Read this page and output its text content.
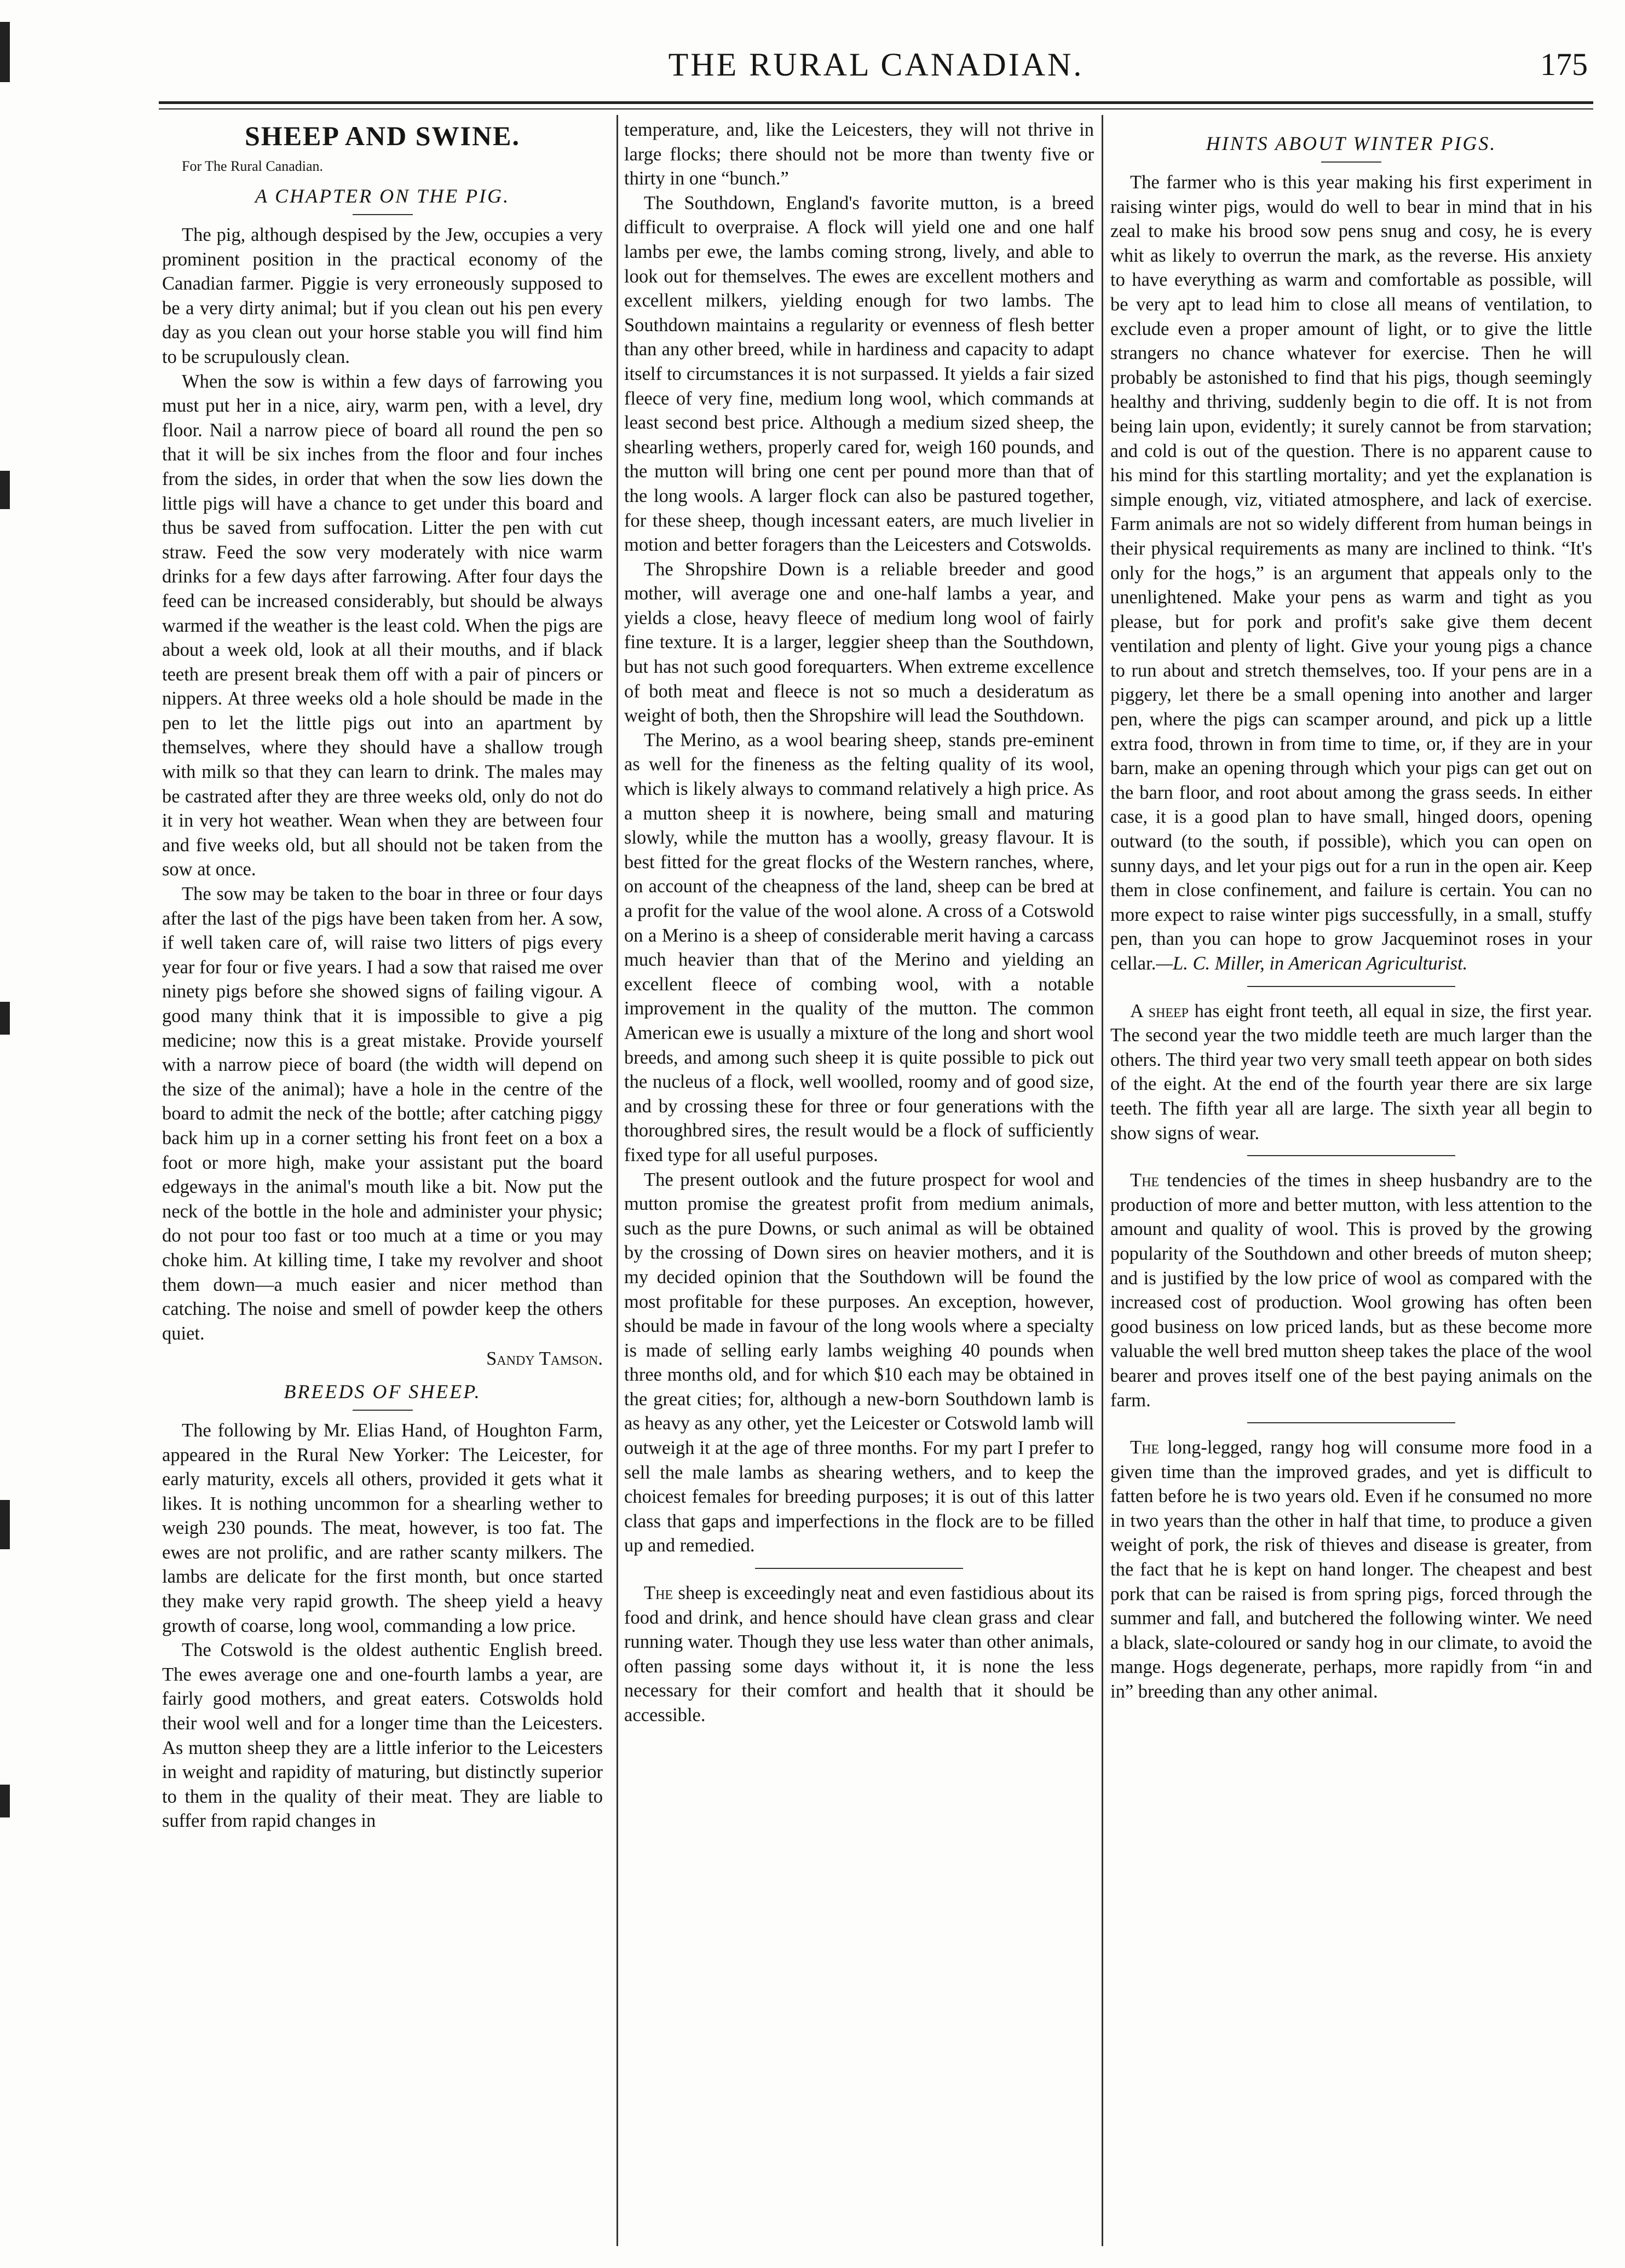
THE RURAL CANADIAN.	175
SHEEP AND SWINE.

For The Rural Canadian.

A CHAPTER ON THE PIG.

The pig, although despised by the Jew, occupies a very prominent position in the practical economy of the Canadian farmer. Piggie is very erroneously supposed to be a very dirty animal; but if you clean out his pen every day as you clean out your horse stable you will find him to be scrupulously clean.

When the sow is within a few days of farrowing you must put her in a nice, airy, warm pen, with a level, dry floor. Nail a narrow piece of board all round the pen so that it will be six inches from the floor and four inches from the sides, in order that when the sow lies down the little pigs will have a chance to get under this board and thus be saved from suffocation. Litter the pen with cut straw. Feed the sow very moderately with nice warm drinks for a few days after farrowing. After four days the feed can be increased considerably, but should be always warmed if the weather is the least cold. When the pigs are about a week old, look at all their mouths, and if black teeth are present break them off with a pair of pincers or nippers. At three weeks old a hole should be made in the pen to let the little pigs out into an apartment by themselves, where they should have a shallow trough with milk so that they can learn to drink. The males may be castrated after they are three weeks old, only do not do it in very hot weather. Wean when they are between four and five weeks old, but all should not be taken from the sow at once.

The sow may be taken to the boar in three or four days after the last of the pigs have been taken from her. A sow, if well taken care of, will raise two litters of pigs every year for four or five years. I had a sow that raised me over ninety pigs before she showed signs of failing vigour. A good many think that it is impossible to give a pig medicine; now this is a great mistake. Provide yourself with a narrow piece of board (the width will depend on the size of the animal); have a hole in the centre of the board to admit the neck of the bottle; after catching piggy back him up in a corner setting his front feet on a box a foot or more high, make your assistant put the board edgeways in the animal's mouth like a bit. Now put the neck of the bottle in the hole and administer your physic; do not pour too fast or too much at a time or you may choke him. At killing time, I take my revolver and shoot them down—a much easier and nicer method than catching. The noise and smell of powder keep the others quiet.

Sandy Tamson.

BREEDS OF SHEEP.

The following by Mr. Elias Hand, of Houghton Farm, appeared in the Rural New Yorker: The Leicester, for early maturity, excels all others, provided it gets what it likes. It is nothing uncommon for a shearling wether to weigh 230 pounds. The meat, however, is too fat. The ewes are not prolific, and are rather scanty milkers. The lambs are delicate for the first month, but once started they make very rapid growth. The sheep yield a heavy growth of coarse, long wool, commanding a low price.

The Cotswold is the oldest authentic English breed. The ewes average one and one-fourth lambs a year, are fairly good mothers, and great eaters. Cotswolds hold their wool well and for a longer time than the Leicesters. As mutton sheep they are a little inferior to the Leicesters in weight and rapidity of maturing, but distinctly superior to them in the quality of their meat. They are liable to suffer from rapid changes in

temperature, and, like the Leicesters, they will not thrive in large flocks; there should not be more than twenty five or thirty in one “bunch.”

The Southdown, England's favorite mutton, is a breed difficult to overpraise. A flock will yield one and one half lambs per ewe, the lambs coming strong, lively, and able to look out for themselves. The ewes are excellent mothers and excellent milkers, yielding enough for two lambs. The Southdown maintains a regularity or evenness of flesh better than any other breed, while in hardiness and capacity to adapt itself to circumstances it is not surpassed. It yields a fair sized fleece of very fine, medium long wool, which commands at least second best price. Although a medium sized sheep, the shearling wethers, properly cared for, weigh 160 pounds, and the mutton will bring one cent per pound more than that of the long wools. A larger flock can also be pastured together, for these sheep, though incessant eaters, are much livelier in motion and better foragers than the Leicesters and Cotswolds.

The Shropshire Down is a reliable breeder and good mother, will average one and one-half lambs a year, and yields a close, heavy fleece of medium long wool of fairly fine texture. It is a larger, leggier sheep than the Southdown, but has not such good forequarters. When extreme excellence of both meat and fleece is not so much a desideratum as weight of both, then the Shropshire will lead the Southdown.

The Merino, as a wool bearing sheep, stands pre-eminent as well for the fineness as the felting quality of its wool, which is likely always to command relatively a high price. As a mutton sheep it is nowhere, being small and maturing slowly, while the mutton has a woolly, greasy flavour. It is best fitted for the great flocks of the Western ranches, where, on account of the cheapness of the land, sheep can be bred at a profit for the value of the wool alone. A cross of a Cotswold on a Merino is a sheep of considerable merit having a carcass much heavier than that of the Merino and yielding an excellent fleece of combing wool, with a notable improvement in the quality of the mutton. The common American ewe is usually a mixture of the long and short wool breeds, and among such sheep it is quite possible to pick out the nucleus of a flock, well woolled, roomy and of good size, and by crossing these for three or four generations with the thoroughbred sires, the result would be a flock of sufficiently fixed type for all useful purposes.

The present outlook and the future prospect for wool and mutton promise the greatest profit from medium animals, such as the pure Downs, or such animal as will be obtained by the crossing of Down sires on heavier mothers, and it is my decided opinion that the Southdown will be found the most profitable for these purposes. An exception, however, should be made in favour of the long wools where a specialty is made of selling early lambs weighing 40 pounds when three months old, and for which $10 each may be obtained in the great cities; for, although a new-born Southdown lamb is as heavy as any other, yet the Leicester or Cotswold lamb will outweigh it at the age of three months. For my part I prefer to sell the male lambs as shearing wethers, and to keep the choicest females for breeding purposes; it is out of this latter class that gaps and imperfections in the flock are to be filled up and remedied.

The sheep is exceedingly neat and even fastidious about its food and drink, and hence should have clean grass and clear running water. Though they use less water than other animals, often passing some days without it, it is none the less necessary for their comfort and health that it should be accessible.

HINTS ABOUT WINTER PIGS.

The farmer who is this year making his first experiment in raising winter pigs, would do well to bear in mind that in his zeal to make his brood sow pens snug and cosy, he is every whit as likely to overrun the mark, as the reverse. His anxiety to have everything as warm and comfortable as possible, will be very apt to lead him to close all means of ventilation, to exclude even a proper amount of light, or to give the little strangers no chance whatever for exercise. Then he will probably be astonished to find that his pigs, though seemingly healthy and thriving, suddenly begin to die off. It is not from being lain upon, evidently; it surely cannot be from starvation; and cold is out of the question. There is no apparent cause to his mind for this startling mortality; and yet the explanation is simple enough, viz, vitiated atmosphere, and lack of exercise. Farm animals are not so widely different from human beings in their physical requirements as many are inclined to think. “It's only for the hogs,” is an argument that appeals only to the unenlightened. Make your pens as warm and tight as you please, but for pork and profit's sake give them decent ventilation and plenty of light. Give your young pigs a chance to run about and stretch themselves, too. If your pens are in a piggery, let there be a small opening into another and larger pen, where the pigs can scamper around, and pick up a little extra food, thrown in from time to time, or, if they are in your barn, make an opening through which your pigs can get out on the barn floor, and root about among the grass seeds. In either case, it is a good plan to have small, hinged doors, opening outward (to the south, if possible), which you can open on sunny days, and let your pigs out for a run in the open air. Keep them in close confinement, and failure is certain. You can no more expect to raise winter pigs successfully, in a small, stuffy pen, than you can hope to grow Jacqueminot roses in your cellar.—L. C. Miller, in American Agriculturist.

A sheep has eight front teeth, all equal in size, the first year. The second year the two middle teeth are much larger than the others. The third year two very small teeth appear on both sides of the eight. At the end of the fourth year there are six large teeth. The fifth year all are large. The sixth year all begin to show signs of wear.

The tendencies of the times in sheep husbandry are to the production of more and better mutton, with less attention to the amount and quality of wool. This is proved by the growing popularity of the Southdown and other breeds of muton sheep; and is justified by the low price of wool as compared with the increased cost of production. Wool growing has often been good business on low priced lands, but as these become more valuable the well bred mutton sheep takes the place of the wool bearer and proves itself one of the best paying animals on the farm.

The long-legged, rangy hog will consume more food in a given time than the improved grades, and yet is difficult to fatten before he is two years old. Even if he consumed no more in two years than the other in half that time, to produce a given weight of pork, the risk of thieves and disease is greater, from the fact that he is kept on hand longer. The cheapest and best pork that can be raised is from spring pigs, forced through the summer and fall, and butchered the following winter. We need a black, slate-coloured or sandy hog in our climate, to avoid the mange. Hogs degenerate, perhaps, more rapidly from “in and in” breeding than any other animal.
